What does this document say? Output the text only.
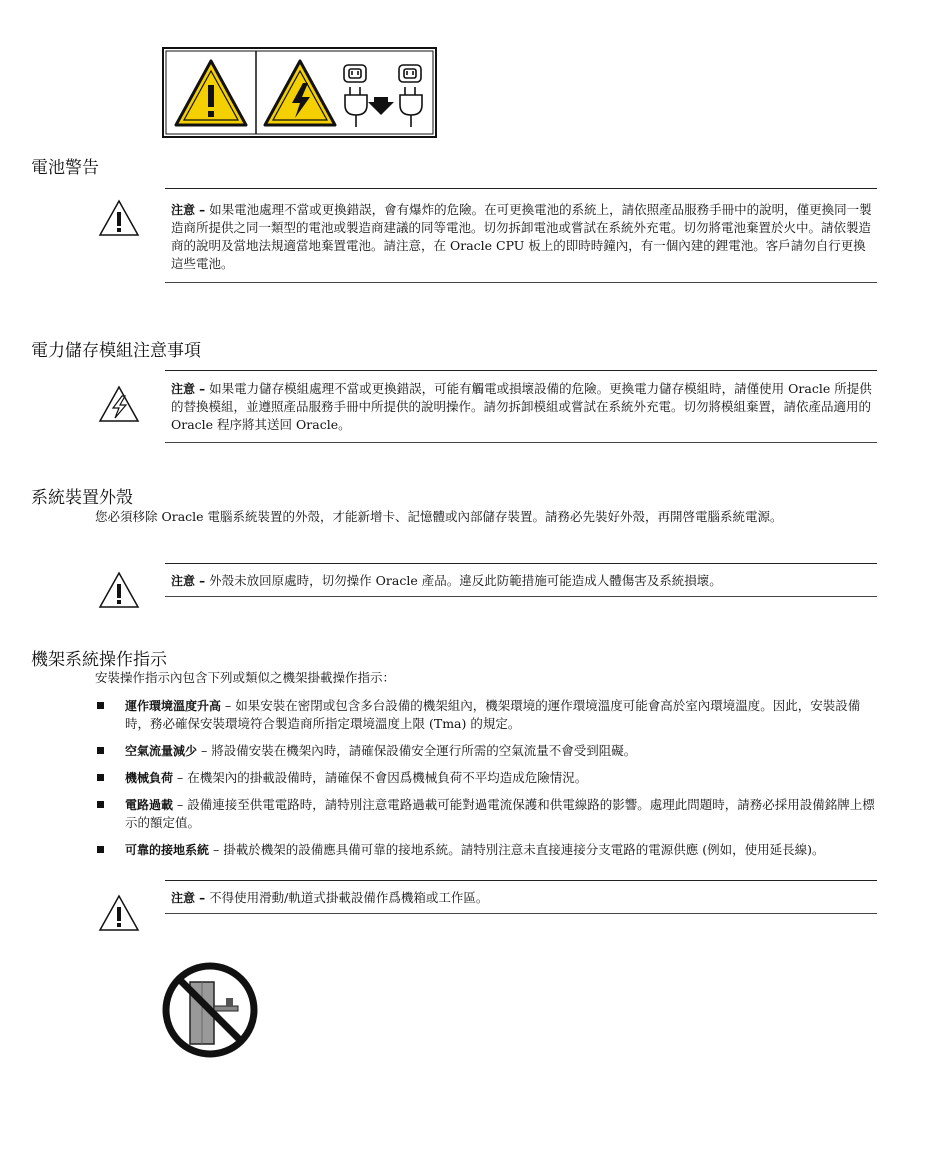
電池警告
注意 – 如果電池處理不當或更換錯誤，會有爆炸的危險。在可更換電池的系統上，請依照產品服務手冊中的說明，僅更換同一製造商所提供之同一類型的電池或製造商建議的同等電池。切勿拆卸電池或嘗試在系統外充電。切勿將電池棄置於火中。請依製造商的說明及當地法規適當地棄置電池。請注意，在 Oracle CPU 板上的即時時鐘內，有一個內建的鋰電池。客戶請勿自行更換這些電池。
電力儲存模組注意事項
注意 – 如果電力儲存模組處理不當或更換錯誤，可能有觸電或損壞設備的危險。更換電力儲存模組時，請僅使用 Oracle 所提供的替換模組，並遵照產品服務手冊中所提供的說明操作。請勿拆卸模組或嘗試在系統外充電。切勿將模組棄置，請依產品適用的 Oracle 程序將其送回 Oracle。
系統裝置外殼
您必須移除 Oracle 電腦系統裝置的外殼，才能新增卡、記憶體或內部儲存裝置。請務必先裝好外殼，再開啓電腦系統電源。
注意 – 外殼未放回原處時，切勿操作 Oracle 產品。違反此防範措施可能造成人體傷害及系統損壞。
機架系統操作指示
安裝操作指示內包含下列或類似之機架掛載操作指示：
運作環境溫度升高 – 如果安裝在密閉或包含多台設備的機架組內，機架環境的運作環境溫度可能會高於室內環境溫度。因此，安裝設備時，務必確保安裝環境符合製造商所指定環境溫度上限 (Tma) 的規定。
空氣流量減少 – 將設備安裝在機架內時，請確保設備安全運行所需的空氣流量不會受到阻礙。
機械負荷 – 在機架內的掛載設備時，請確保不會因爲機械負荷不平均造成危險情況。
電路過載 – 設備連接至供電電路時，請特別注意電路過載可能對過電流保護和供電線路的影響。處理此問題時，請務必採用設備銘牌上標示的額定值。
可靠的接地系統 – 掛載於機架的設備應具備可靠的接地系統。請特別注意未直接連接分支電路的電源供應 (例如，使用延長線)。
注意 – 不得使用滑動/軌道式掛載設備作爲機箱或工作區。
